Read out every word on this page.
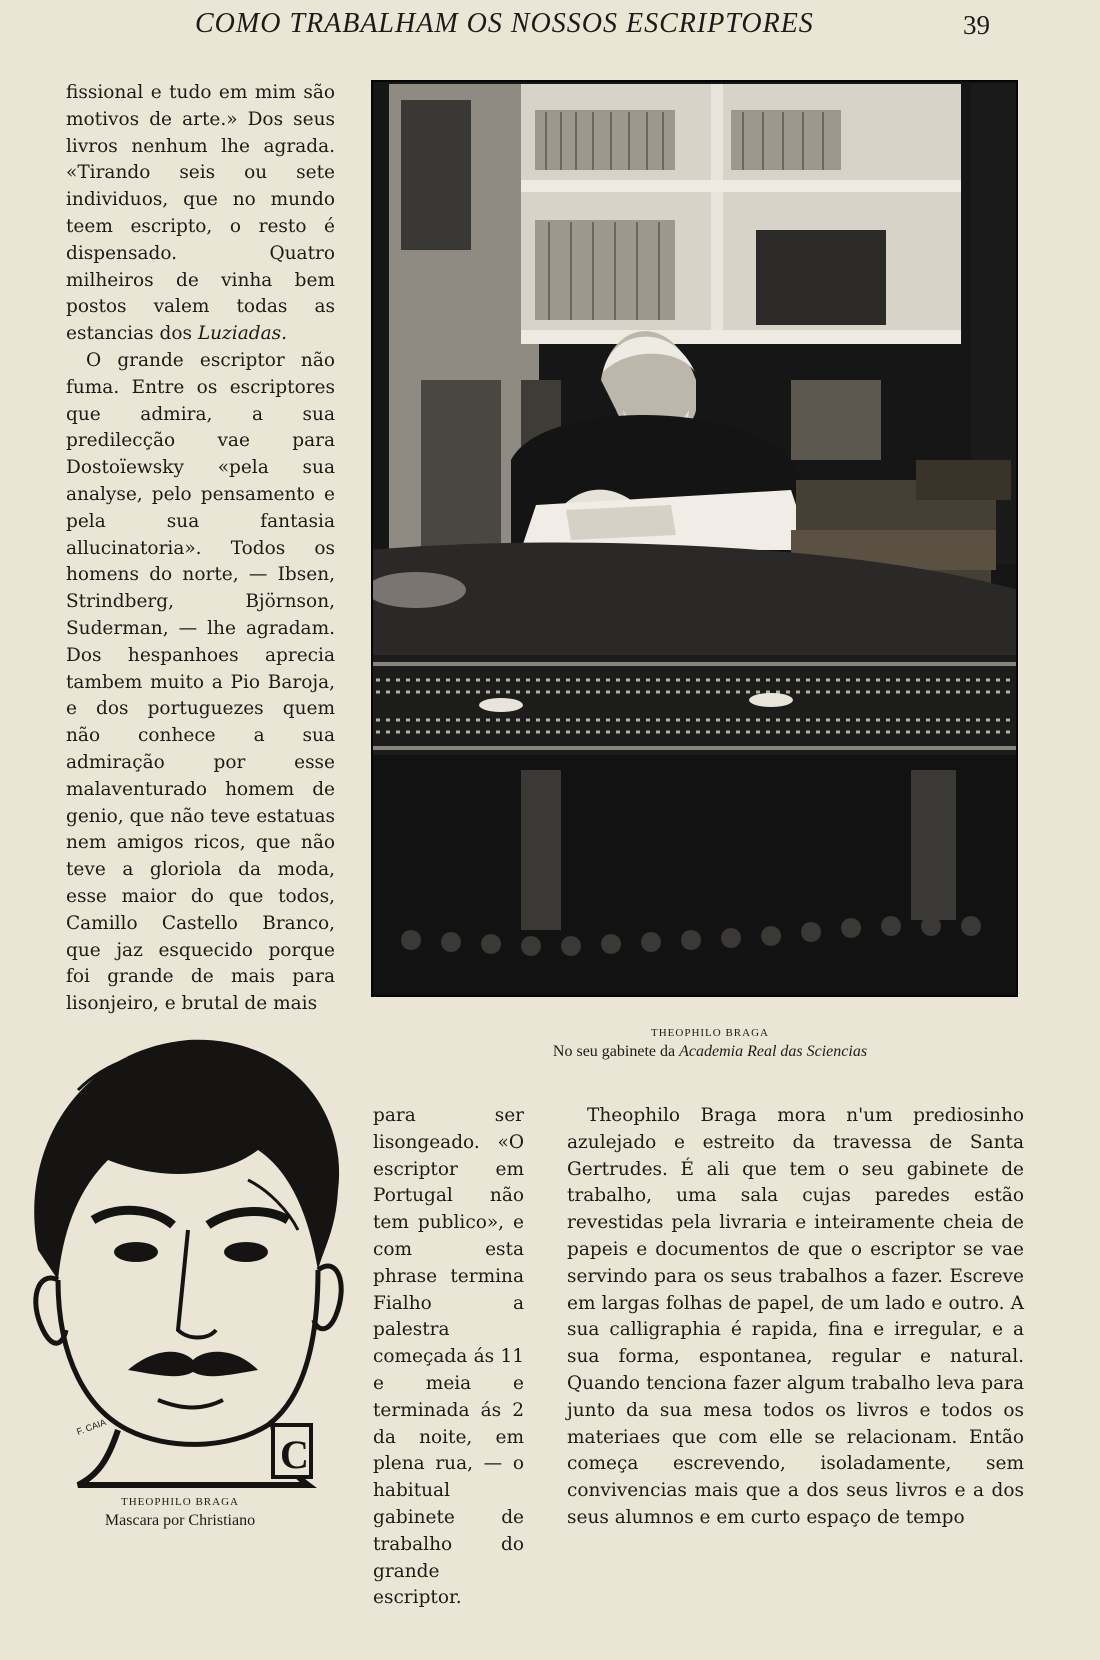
COMO TRABALHAM OS NOSSOS ESCRIPTORES	39

fissional e tudo em mim são motivos de arte.» Dos seus livros nenhum lhe agrada. «Tirando seis ou sete individuos, que no mundo teem escripto, o resto é dispensado. Quatro milheiros de vinha bem postos valem todas as estancias dos Luziadas.
O grande escriptor não fuma. Entre os escriptores que admira, a sua predilecção vae para Dostoïewsky «pela sua analyse, pelo pensamento e pela sua fantasia allucinatoria». Todos os homens do norte, — Ibsen, Strindberg, Björnson, Suderman, — lhe agradam. Dos hespanhoes aprecia tambem muito a Pio Baroja, e dos portuguezes quem não conhece a sua admiração por esse malaventurado homem de genio, que não teve estatuas nem amigos ricos, que não teve a gloriola da moda, esse maior do que todos, Camillo Castello Branco, que jaz esquecido porque foi grande de mais para lisonjeiro, e brutal de mais

THEOPHILO BRAGA
No seu gabinete da Academia Real das Sciencias
F. CAIA
C
THEOPHILO BRAGA
Mascara por Christiano

para ser lisongeado. «O escriptor em Portugal não tem publico», e com esta phrase termina Fialho a palestra começada ás 11 e meia e terminada ás 2 da noite, em plena rua, — o habitual gabinete de trabalho do grande escriptor.

Theophilo Braga mora n'um prediosinho azulejado e estreito da travessa de Santa Gertrudes. É ali que tem o seu gabinete de trabalho, uma sala cujas paredes estão revestidas pela livraria e inteiramente cheia de papeis e documentos de que o escriptor se vae servindo para os seus trabalhos a fazer. Escreve em largas folhas de papel, de um lado e outro. A sua calligraphia é rapida, fina e irregular, e a sua forma, espontanea, regular e natural. Quando tenciona fazer algum trabalho leva para junto da sua mesa todos os livros e todos os materiaes que com elle se relacionam. Então começa escrevendo, isoladamente, sem convivencias mais que a dos seus livros e a dos seus alumnos e em curto espaço de tempo
